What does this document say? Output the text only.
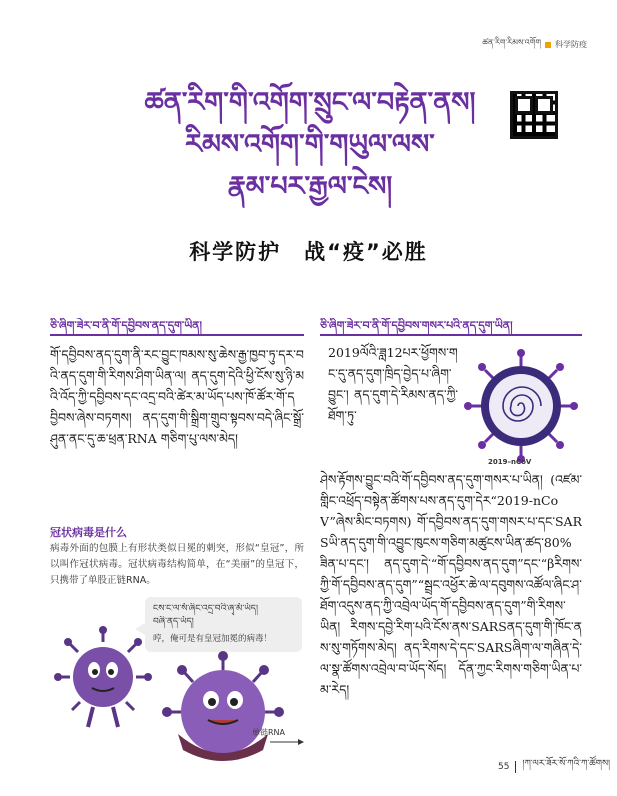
ཚན་རིག་རིམས་འགོག 科学防疫
ཚན་རིག་གི་འགོག་སྲུང་ལ་བརྟེན་ནས།
རིམས་འགོག་གི་གཡུལ་ལས་
རྣམ་པར་རྒྱལ་ངེས།
科学防护　战“疫”必胜
ཅི་ཞིག་ཟེར་བ་ནི་གོ་དབྱིབས་ནད་དུག་ཡིན།
གོ་དབྱིབས་ནད་དུག་ནི་རང་བྱུང་ཁམས་སུ་ཆེས་རྒྱ་ཁྱབ་ཏུ་དར་བའི་ནད་དུག་གི་རིགས་ཤིག་ཡིན་ལ། ནད་དུག་དེའི་ཕྱི་ངོས་སུ་ཉི་མའི་འོད་ཀྱི་དབྱིབས་དང་འདྲ་བའི་ཚེར་མ་ཡོད་པས་ཁོ་ཚོར་གོ་དབྱིབས་ཞེས་བཏགས། ནད་དུག་གི་སྒྲིག་གྲུབ་སྟབས་བདེ་ཞིང་སྒྲོ་ཤུན་ནང་དུ་ཆ་ཕྲན་RNA གཅིག་པུ་ལས་མེད།
冠状病毒是什么
病毒外面的包膜上有形状类似日冕的刺突，形似“皇冠”，所以叫作冠状病毒。冠状病毒结构简单，在“美丽”的皇冠下，只携带了单股正链RNA。
ངས་ང་ལ་སོ་ཞིང་འདྲ་བའི་ཞྭ་མོ་ཡོད།
བཞི་ནད་ཡོད།
哼，俺可是有皇冠加冕的病毒！
单链RNA
ཅི་ཞིག་ཟེར་བ་ནི་གོ་དབྱིབས་གསར་པའི་ནད་དུག་ཡིན།
2019ལོའི་ཟླ12པར་ཕྱོགས་གང་དུ་ནད་དུག་ཁྲིད་བྱེད་པ་ཞིག་བྱུང་། ནད་དུག་དེ་རིམས་ནད་ཀྱི་ཐོག་ཏུ་
2019–nCoV
ཤེས་རྟོགས་བྱུང་བའི་གོ་དབྱིབས་ནད་དུག་གསར་པ་ཡིན། (འཛམ་གླིང་འཕྲོད་བསྟེན་ཚོགས་པས་ནད་དུག་དེར“2019-nCoV”ཞེས་མིང་བཏགས) གོ་དབྱིབས་ནད་དུག་གསར་པ་དང་SARSཡི་ནད་དུག་གི་འབྱུང་ཁུངས་གཅིག་མཚུངས་ཡིན་ཚད་80%ཟིན་པ་དང་། ནད་དུག་དེ་“གོ་དབྱིབས་ནད་དུག”དང་“βརིགས་ཀྱི་གོ་དབྱིབས་ནད་དུག”“སྦྲང་འཕྱོར་ཆེ་ལ་དབུགས་འཚོལ་ཞིང་ཤ་ཐོག་འདུས་ནད་ཀྱི་འབྲེལ་ཡོད་གོ་དབྱིབས་ནད་དུག”གི་རིགས་ཡིན། རིགས་དབྱེ་རིག་པའི་ངོས་ནས་SARSནད་དུག་གི་ཁོང་ནས་སུ་གཏོགས་མེད། ནད་རིགས་དེ་དང་SARSཞིག་ལ་གཞིན་དེ་ལ་སྣ་ཚོགས་འབྲེལ་བ་ཡོད་སོད། དོན་ཀྱང་རིགས་གཅིག་ཡིན་པ་མ་རེད།
55 །ཀ་ལར་ཟོར་སོ་ཀའི་ཀ་ཚོགས།
